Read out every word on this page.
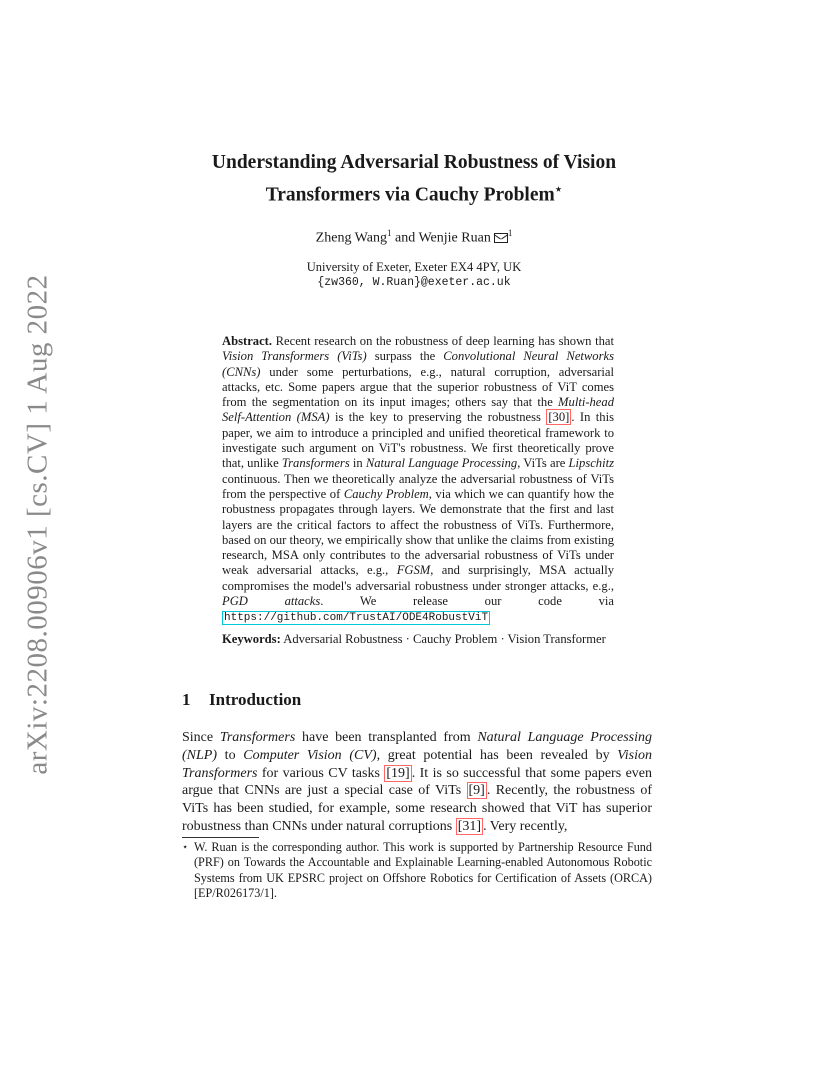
arXiv:2208.00906v1 [cs.CV] 1 Aug 2022
Understanding Adversarial Robustness of Vision
Transformers via Cauchy Problem⋆
Zheng Wang$^1$ and Wenjie Ruan $^1$
University of Exeter, Exeter EX4 4PY, UK
{zw360, W.Ruan}@exeter.ac.uk
Abstract. Recent research on the robustness of deep learning has shown that Vision Transformers (ViTs) surpass the Convolutional Neural Networks (CNNs) under some perturbations, e.g., natural corruption, adversarial attacks, etc. Some papers argue that the superior robustness of ViT comes from the segmentation on its input images; others say that the Multi-head Self-Attention (MSA) is the key to preserving the robustness [30] . In this paper, we aim to introduce a principled and unified theoretical framework to investigate such argument on ViT's robustness. We first theoretically prove that, unlike Transformers in Natural Language Processing, ViTs are Lipschitz continuous. Then we theoretically analyze the adversarial robustness of ViTs from the perspective of Cauchy Problem, via which we can quantify how the robustness propagates through layers. We demonstrate that the first and last layers are the critical factors to affect the robustness of ViTs. Furthermore, based on our theory, we empirically show that unlike the claims from existing research, MSA only contributes to the adversarial robustness of ViTs under weak adversarial attacks, e.g., FGSM, and surprisingly, MSA actually compromises the model's adversarial robustness under stronger attacks, e.g., PGD attacks. We release our code via https://github.com/TrustAI/ODE4RobustViT
Keywords: Adversarial Robustness · Cauchy Problem · Vision Transformer
1 Introduction

Since Transformers have been transplanted from Natural Language Processing (NLP) to Computer Vision (CV), great potential has been revealed by Vision Transformers for various CV tasks [19] . It is so successful that some papers even argue that CNNs are just a special case of ViTs [9] . Recently, the robustness of ViTs has been studied, for example, some research showed that ViT has superior robustness than CNNs under natural corruptions [31] . Very recently,

⋆ W. Ruan is the corresponding author. This work is supported by Partnership Resource Fund (PRF) on Towards the Accountable and Explainable Learning-enabled Autonomous Robotic Systems from UK EPSRC project on Offshore Robotics for Certification of Assets (ORCA) [EP/R026173/1].
